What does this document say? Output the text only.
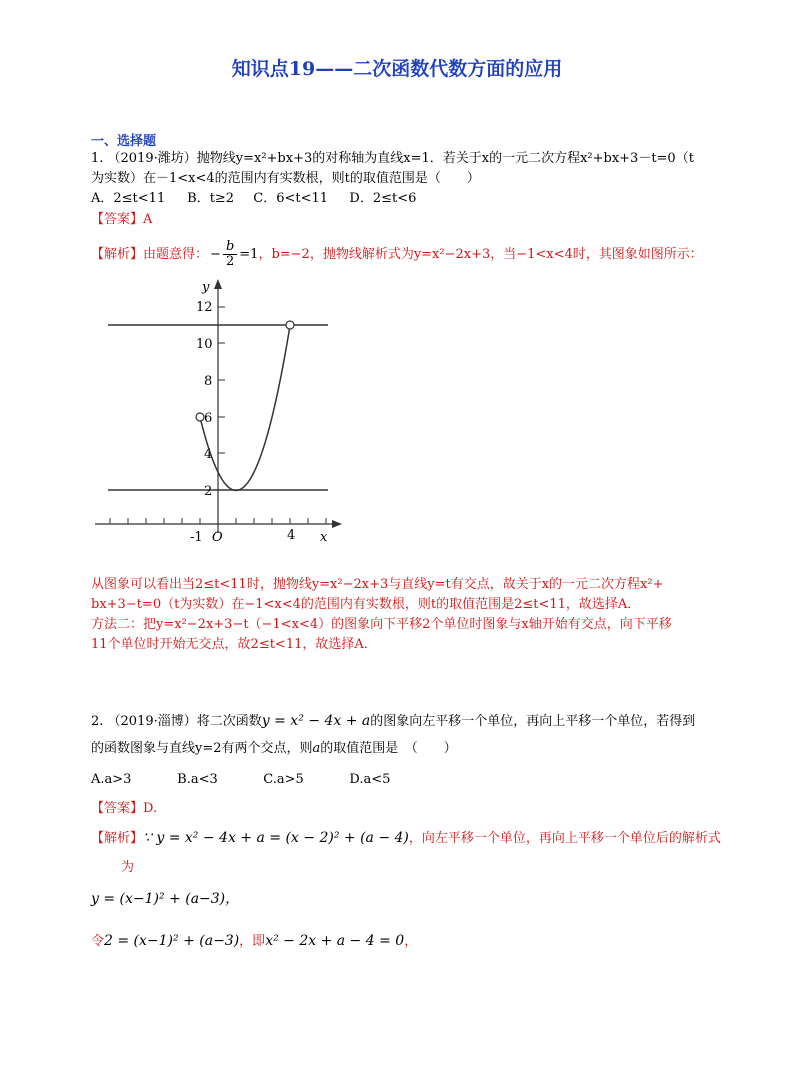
知识点19——二次函数代数方面的应用
一、选择题
1. （2019·潍坊）抛物线y=x²+bx+3的对称轴为直线x=1．若关于x的一元二次方程x²+bx+3－t=0（t
为实数）在－1<x<4的范围内有实数根，则t的取值范围是（　　）
A．2≤t<11 B．t≥2 C．6<t<11 D．2≤t<6
【答案】A
【解析】 由题意得： − $\frac{b}{2} =1$ ，b=−2，抛物线解析式为y=x²−2x+3，当−1<x<4时，其图象如图所示：
12
10
8
6
4
2
y
x
-1 O	4
从图象可以看出当2≤t<11时，抛物线y=x²−2x+3与直线y=t有交点，故关于x的一元二次方程x²+
bx+3−t=0（t为实数）在−1<x<4的范围内有实数根，则t的取值范围是2≤t<11，故选择A．
方法二：把y=x²−2x+3−t（−1<x<4）的图象向下平移2个单位时图象与x轴开始有交点，向下平移
11个单位时开始无交点，故2≤t<11，故选择A．
2. （2019·淄博）将二次函数y = x² − 4x + a的图象向左平移一个单位，再向上平移一个单位，若得到
的函数图象与直线y=2有两个交点，则a的取值范围是　（　　）
A.a>3	B.a<3	C.a>5	D.a<5
【答案】D.
【解析】∵ y = x² − 4x + a = (x − 2)² + (a − 4)，向左平移一个单位，再向上平移一个单位后的解析式
为
y = (x−1)² + (a−3)，
令2 = (x−1)² + (a−3)，即x² − 2x + a − 4 = 0，
